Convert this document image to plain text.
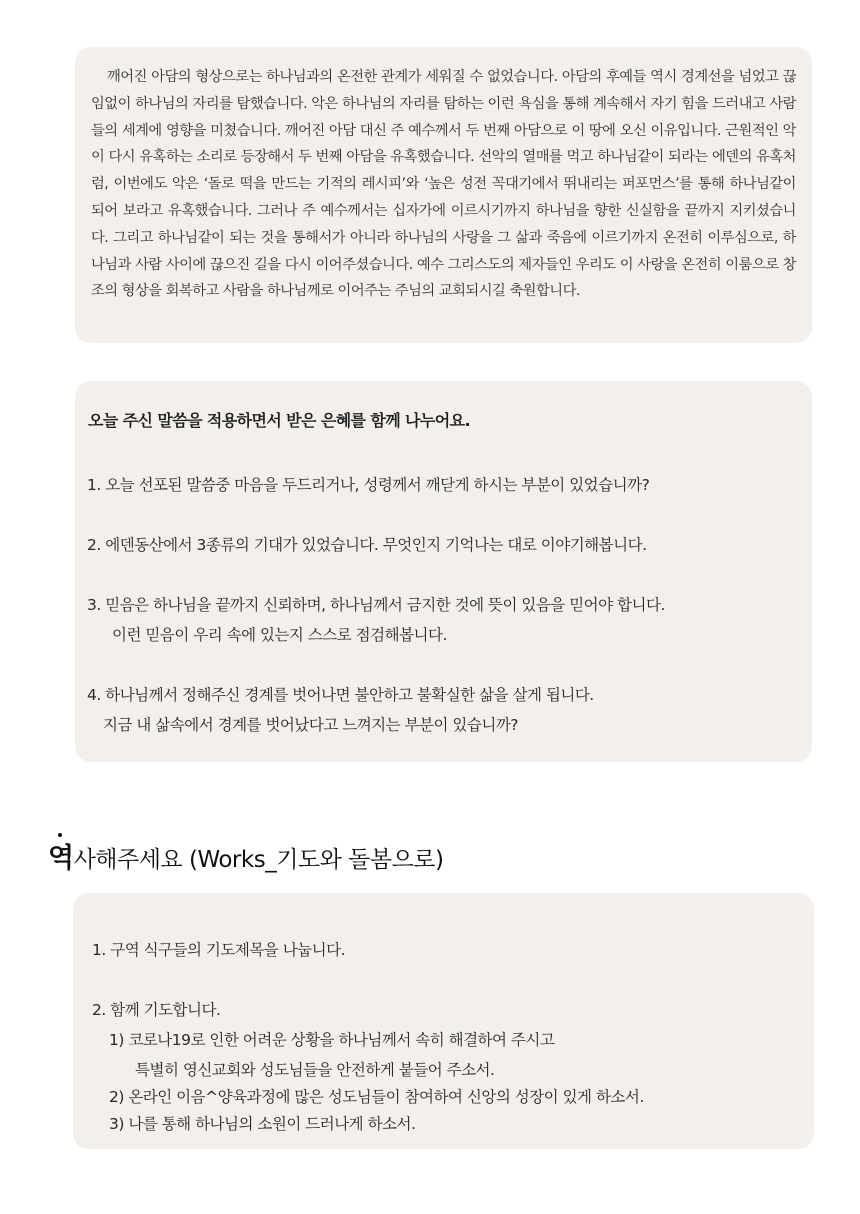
깨어진 아담의 형상으로는 하나님과의 온전한 관계가 세워질 수 없었습니다. 아담의 후예들 역시 경계선을 넘었고 끊임없이 하나님의 자리를 탐했습니다. 악은 하나님의 자리를 탐하는 이런 욕심을 통해 계속해서 자기 힘을 드러내고 사람들의 세계에 영향을 미쳤습니다. 깨어진 아담 대신 주 예수께서 두 번째 아담으로 이 땅에 오신 이유입니다. 근원적인 악이 다시 유혹하는 소리로 등장해서 두 번째 아담을 유혹했습니다. 선악의 열매를 먹고 하나님같이 되라는 에덴의 유혹처럼, 이번에도 악은 ‘돌로 떡을 만드는 기적의 레시피’와 ‘높은 성전 꼭대기에서 뛰내리는 퍼포먼스’를 통해 하나님같이 되어 보라고 유혹했습니다. 그러나 주 예수께서는 십자가에 이르시기까지 하나님을 향한 신실함을 끝까지 지키셨습니다. 그리고 하나님같이 되는 것을 통해서가 아니라 하나님의 사랑을 그 삶과 죽음에 이르기까지 온전히 이루심으로, 하나님과 사람 사이에 끊으진 길을 다시 이어주셨습니다. 예수 그리스도의 제자들인 우리도 이 사랑을 온전히 이룸으로 창조의 형상을 회복하고 사람을 하나님께로 이어주는 주님의 교회되시길 축원합니다.

오늘 주신 말씀을 적용하면서 받은 은혜를 함께 나누어요.
1. 오늘 선포된 말씀중 마음을 두드리거나, 성령께서 깨닫게 하시는 부분이 있었습니까?
2. 에덴동산에서 3종류의 기대가 있었습니다. 무엇인지 기억나는 대로 이야기해봅니다.
3. 믿음은 하나님을 끝까지 신뢰하며, 하나님께서 금지한 것에 뜻이 있음을 믿어야 합니다.
이런 믿음이 우리 속에 있는지 스스로 점검해봅니다.
4. 하나님께서 정해주신 경계를 벗어나면 불안하고 불확실한 삶을 살게 됩니다.
지금 내 삶속에서 경계를 벗어났다고 느껴지는 부분이 있습니까?
역사해주세요 (Works_기도와 돌봄으로)
1. 구역 식구들의 기도제목을 나눕니다.
2. 함께 기도합니다.
1) 코로나19로 인한 어려운 상황을 하나님께서 속히 해결하여 주시고
특별히 영신교회와 성도님들을 안전하게 붙들어 주소서.
2) 온라인 이음^양육과정에 많은 성도님들이 참여하여 신앙의 성장이 있게 하소서.
3) 나를 통해 하나님의 소원이 드러나게 하소서.
